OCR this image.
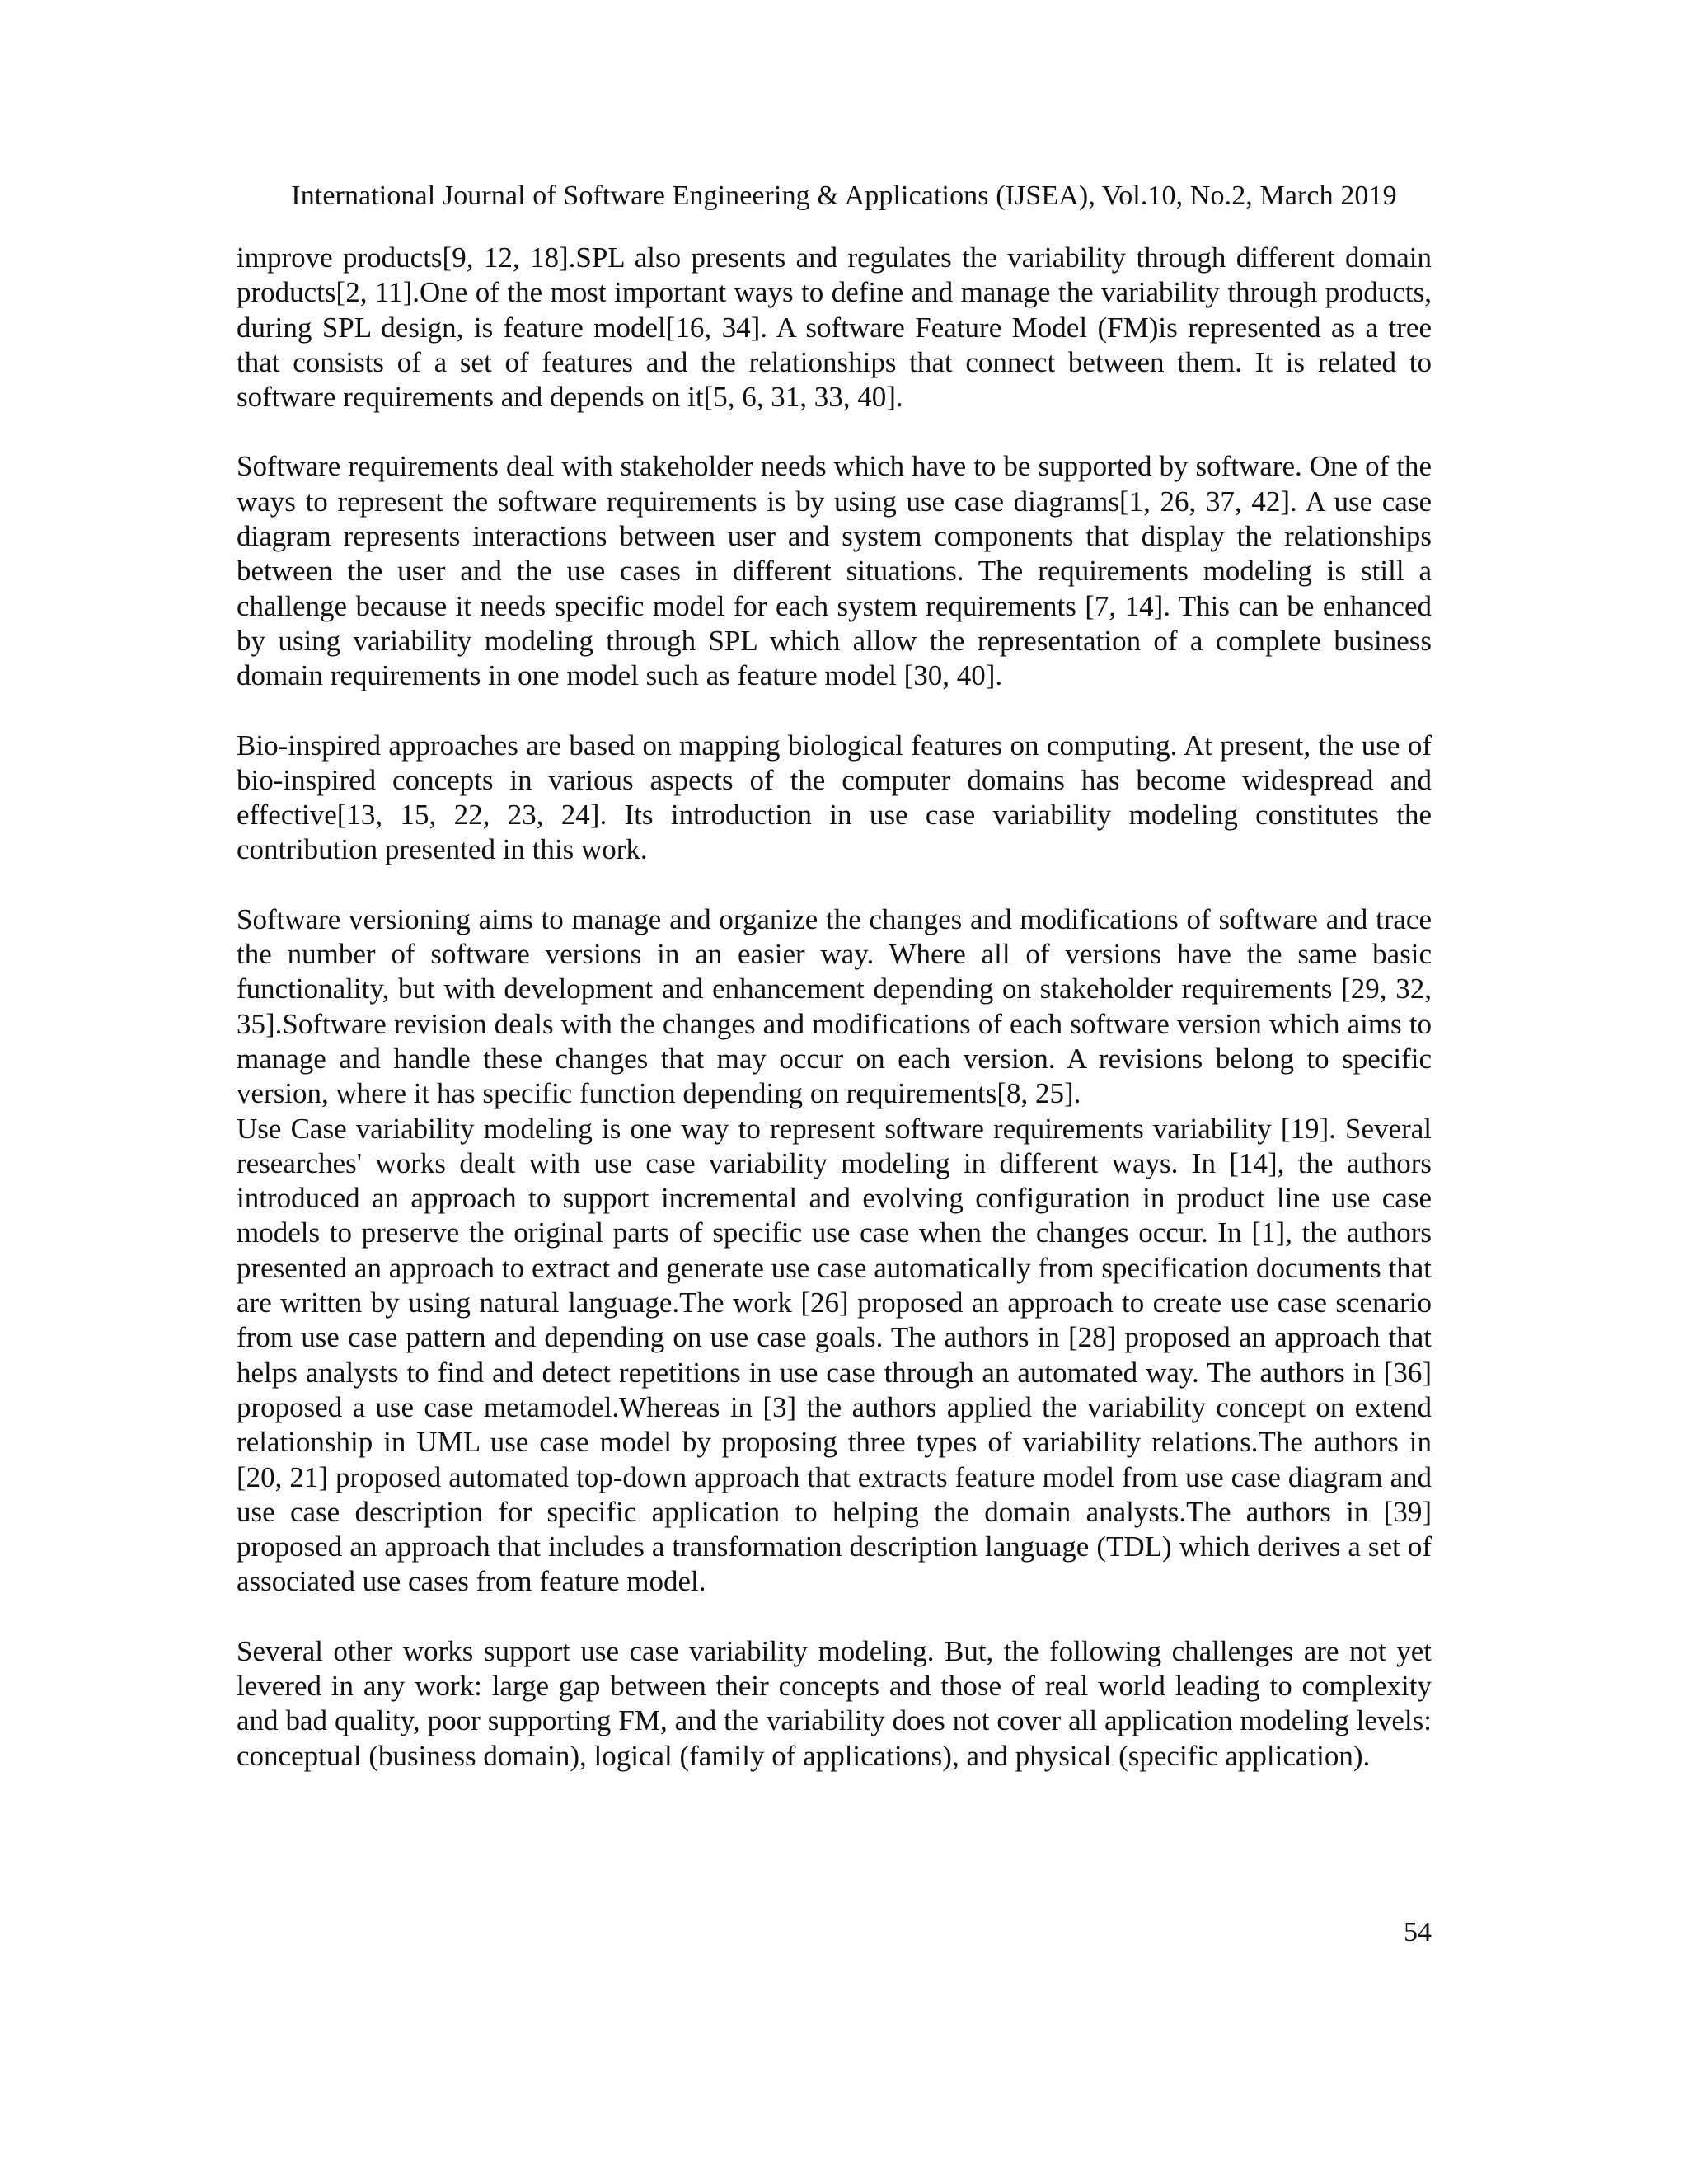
International Journal of Software Engineering & Applications (IJSEA), Vol.10, No.2, March 2019

improve products[9, 12, 18].SPL also presents and regulates the variability through different domain products[2, 11].One of the most important ways to define and manage the variability through products, during SPL design, is feature model[16, 34]. A software Feature Model (FM)is represented as a tree that consists of a set of features and the relationships that connect between them. It is related to software requirements and depends on it[5, 6, 31, 33, 40].

Software requirements deal with stakeholder needs which have to be supported by software. One of the ways to represent the software requirements is by using use case diagrams[1, 26, 37, 42]. A use case diagram represents interactions between user and system components that display the relationships between the user and the use cases in different situations. The requirements modeling is still a challenge because it needs specific model for each system requirements [7, 14]. This can be enhanced by using variability modeling through SPL which allow the representation of a complete business domain requirements in one model such as feature model [30, 40].

Bio-inspired approaches are based on mapping biological features on computing. At present, the use of bio-inspired concepts in various aspects of the computer domains has become widespread and effective[13, 15, 22, 23, 24]. Its introduction in use case variability modeling constitutes the contribution presented in this work.

Software versioning aims to manage and organize the changes and modifications of software and trace the number of software versions in an easier way. Where all of versions have the same basic functionality, but with development and enhancement depending on stakeholder requirements [29, 32, 35].Software revision deals with the changes and modifications of each software version which aims to manage and handle these changes that may occur on each version. A revisions belong to specific version, where it has specific function depending on requirements[8, 25].

Use Case variability modeling is one way to represent software requirements variability [19]. Several researches' works dealt with use case variability modeling in different ways. In [14], the authors introduced an approach to support incremental and evolving configuration in product line use case models to preserve the original parts of specific use case when the changes occur. In [1], the authors presented an approach to extract and generate use case automatically from specification documents that are written by using natural language.The work [26] proposed an approach to create use case scenario from use case pattern and depending on use case goals. The authors in [28] proposed an approach that helps analysts to find and detect repetitions in use case through an automated way. The authors in [36] proposed a use case metamodel.Whereas in [3] the authors applied the variability concept on extend relationship in UML use case model by proposing three types of variability relations.The authors in [20, 21] proposed automated top-down approach that extracts feature model from use case diagram and use case description for specific application to helping the domain analysts.The authors in [39] proposed an approach that includes a transformation description language (TDL) which derives a set of associated use cases from feature model.

Several other works support use case variability modeling. But, the following challenges are not yet levered in any work: large gap between their concepts and those of real world leading to complexity and bad quality, poor supporting FM, and the variability does not cover all application modeling levels: conceptual (business domain), logical (family of applications), and physical (specific application).

54
